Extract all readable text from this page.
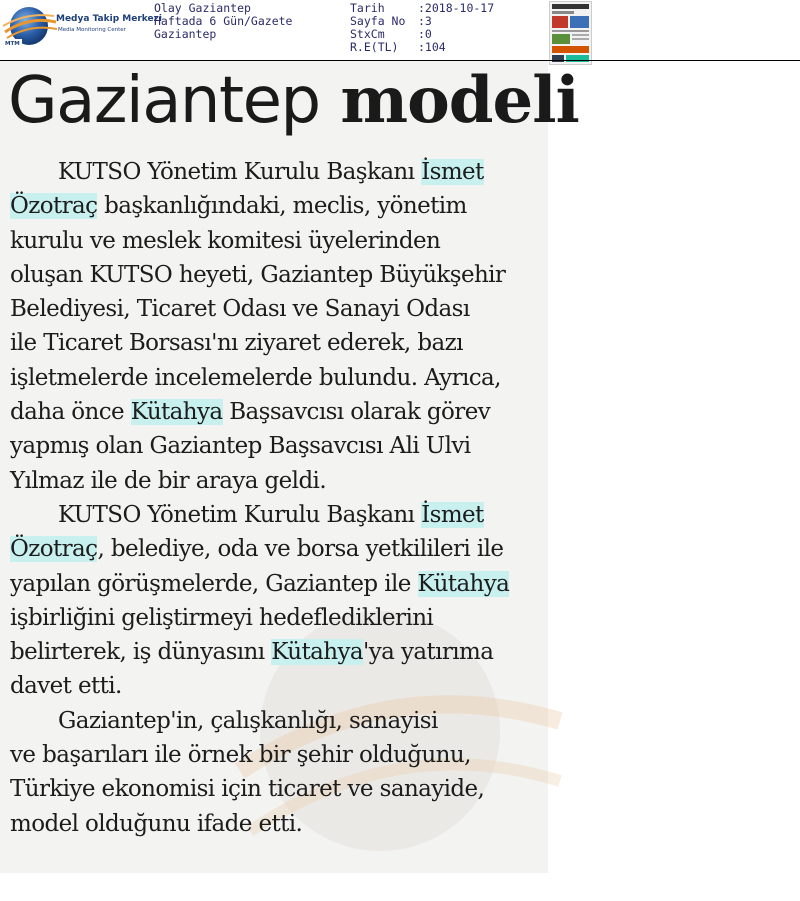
MTM
Medya Takip Merkezi
Media Monitoring Center
Olay Gaziantep
Haftada 6 Gün/Gazete
Gaziantep
Tarih	:2018-10-17
Sayfa No :3
StxCm	:0
R.E(TL) :104
Gaziantep modeli
KUTSO Yönetim Kurulu Başkanı İsmet
Özotraç başkanlığındaki, meclis, yönetim
kurulu ve meslek komitesi üyelerinden
oluşan KUTSO heyeti, Gaziantep Büyükşehir
Belediyesi, Ticaret Odası ve Sanayi Odası
ile Ticaret Borsası'nı ziyaret ederek, bazı
işletmelerde incelemelerde bulundu. Ayrıca,
daha önce Kütahya Başsavcısı olarak görev
yapmış olan Gaziantep Başsavcısı Ali Ulvi
Yılmaz ile de bir araya geldi.
KUTSO Yönetim Kurulu Başkanı İsmet
Özotraç, belediye, oda ve borsa yetkilileri ile
yapılan görüşmelerde, Gaziantep ile Kütahya
işbirliğini geliştirmeyi hedeflediklerini
belirterek, iş dünyasını Kütahya'ya yatırıma
davet etti.
Gaziantep'in, çalışkanlığı, sanayisi
ve başarıları ile örnek bir şehir olduğunu,
Türkiye ekonomisi için ticaret ve sanayide,
model olduğunu ifade etti.
